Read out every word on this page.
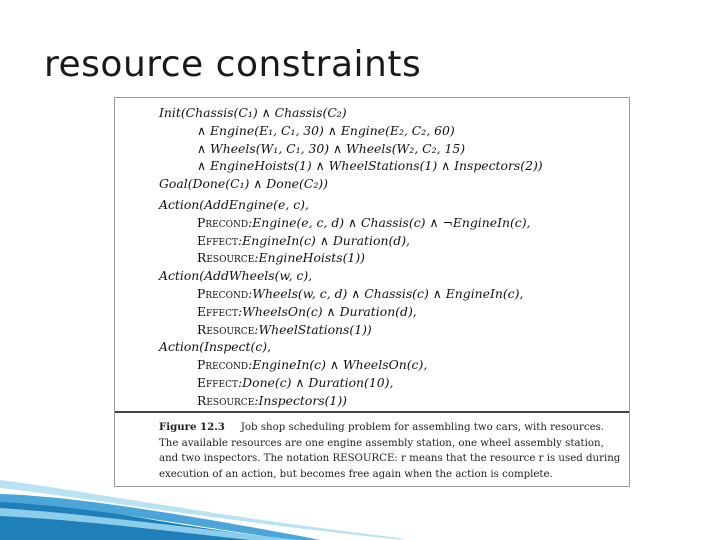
resource constraints
Init(Chassis(C₁) ∧ Chassis(C₂)
∧ Engine(E₁, C₁, 30) ∧ Engine(E₂, C₂, 60)
∧ Wheels(W₁, C₁, 30) ∧ Wheels(W₂, C₂, 15)
∧ EngineHoists(1) ∧ WheelStations(1) ∧ Inspectors(2))
Goal(Done(C₁) ∧ Done(C₂))
Action(AddEngine(e, c),
Precond:Engine(e, c, d) ∧ Chassis(c) ∧ ¬EngineIn(c),
Effect:EngineIn(c) ∧ Duration(d),
Resource:EngineHoists(1))
Action(AddWheels(w, c),
Precond:Wheels(w, c, d) ∧ Chassis(c) ∧ EngineIn(c),
Effect:WheelsOn(c) ∧ Duration(d),
Resource:WheelStations(1))
Action(Inspect(c),
Precond:EngineIn(c) ∧ WheelsOn(c),
Effect:Done(c) ∧ Duration(10),
Resource:Inspectors(1))
Figure 12.3 Job shop scheduling problem for assembling two cars, with resources. The available resources are one engine assembly station, one wheel assembly station, and two inspectors. The notation RESOURCE: r means that the resource r is used during execution of an action, but becomes free again when the action is complete.
